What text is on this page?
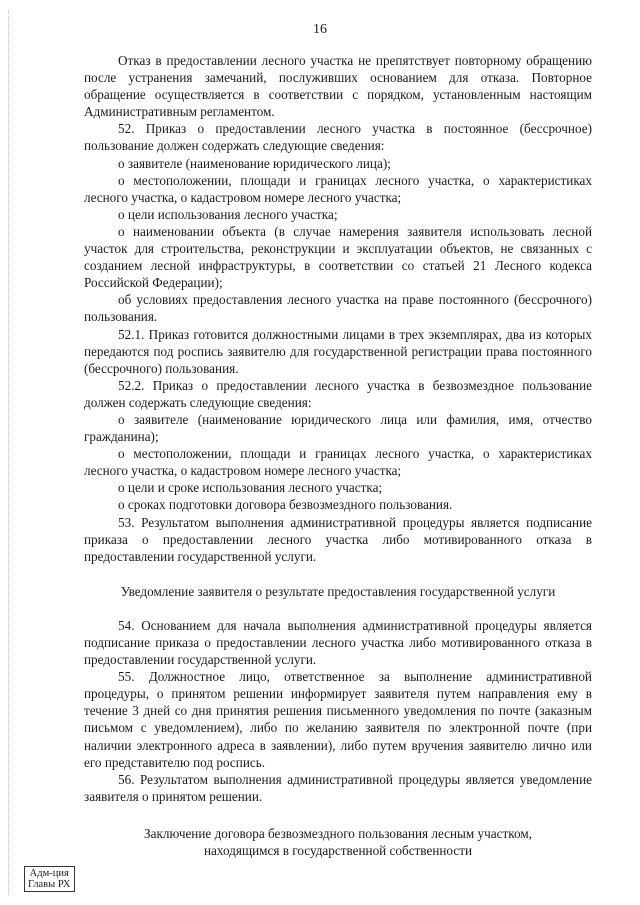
16

Отказ в предоставлении лесного участка не препятствует повторному обращению после устранения замечаний, послуживших основанием для отказа. Повторное обращение осуществляется в соответствии с порядком, установленным настоящим Административным регламентом.

52. Приказ о предоставлении лесного участка в постоянное (бессрочное) пользование должен содержать следующие сведения:

о заявителе (наименование юридического лица);

о местоположении, площади и границах лесного участка, о характеристиках лесного участка, о кадастровом номере лесного участка;

о цели использования лесного участка;

о наименовании объекта (в случае намерения заявителя использовать лесной участок для строительства, реконструкции и эксплуатации объектов, не связанных с созданием лесной инфраструктуры, в соответствии со статьей 21 Лесного кодекса Российской Федерации);

об условиях предоставления лесного участка на праве постоянного (бессрочного) пользования.

52.1. Приказ готовится должностными лицами в трех экземплярах, два из которых передаются под роспись заявителю для государственной регистрации права постоянного (бессрочного) пользования.

52.2. Приказ о предоставлении лесного участка в безвозмездное пользование должен содержать следующие сведения:

о заявителе (наименование юридического лица или фамилия, имя, отчество гражданина);

о местоположении, площади и границах лесного участка, о характеристиках лесного участка, о кадастровом номере лесного участка;

о цели и сроке использования лесного участка;

о сроках подготовки договора безвозмездного пользования.

53. Результатом выполнения административной процедуры является подписание приказа о предоставлении лесного участка либо мотивированного отказа в предоставлении государственной услуги.

Уведомление заявителя о результате предоставления государственной услуги

54. Основанием для начала выполнения административной процедуры является подписание приказа о предоставлении лесного участка либо мотивированного отказа в предоставлении государственной услуги.

55. Должностное лицо, ответственное за выполнение административной процедуры, о принятом решении информирует заявителя путем направления ему в течение 3 дней со дня принятия решения письменного уведомления по почте (заказным письмом с уведомлением), либо по желанию заявителя по электронной почте (при наличии электронного адреса в заявлении), либо путем вручения заявителю лично или его представителю под роспись.

56. Результатом выполнения административной процедуры является уведомление заявителя о принятом решении.

Заключение договора безвозмездного пользования лесным участком,
находящимся в государственной собственности
Адм-ция
Главы РХ
